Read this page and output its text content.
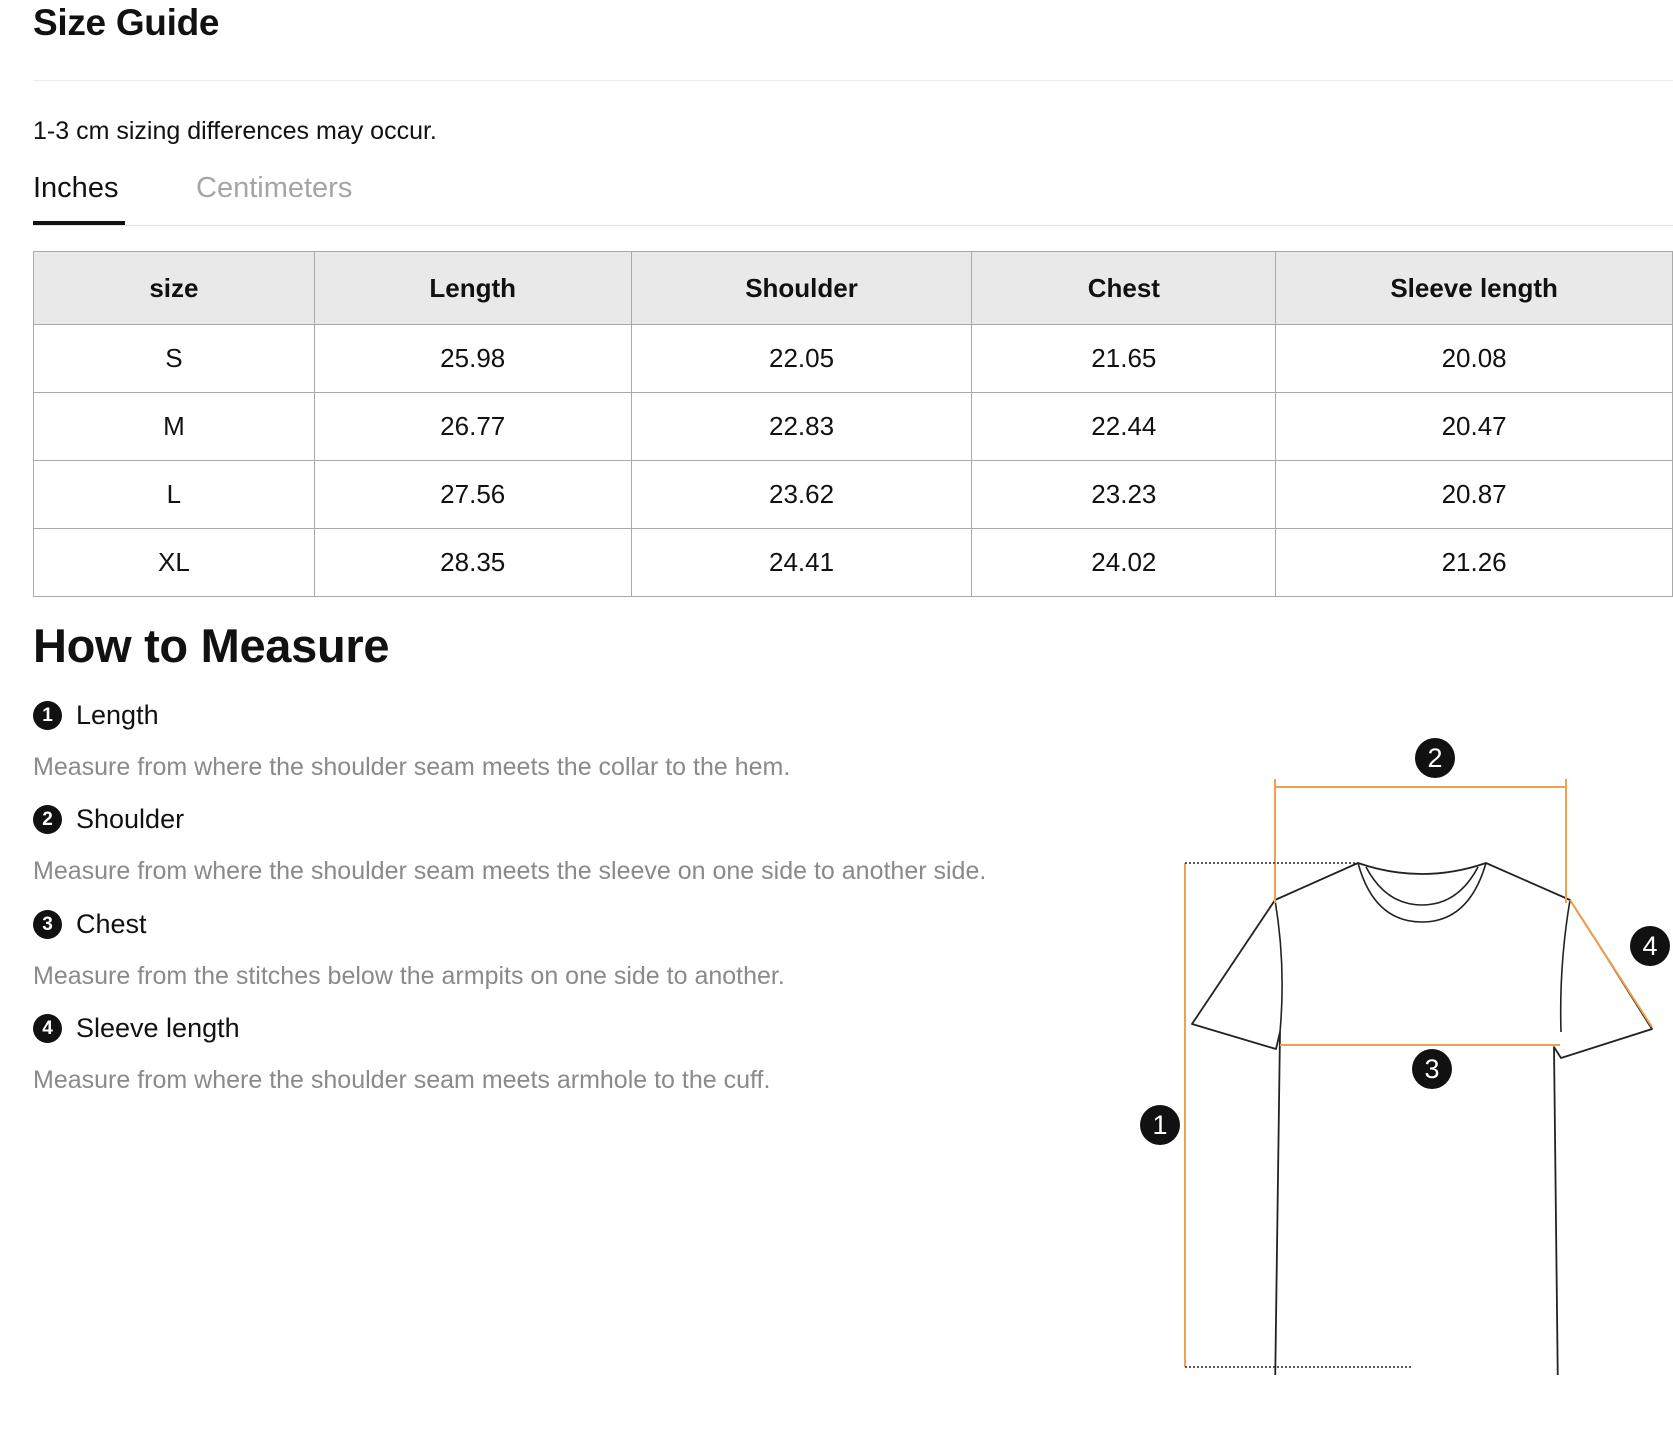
Size Guide
1-3 cm sizing differences may occur.
Inches	Centimeters
size	Length	Shoulder	Chest	Sleeve length
S	25.98	22.05	21.65	20.08
M	26.77	22.83	22.44	20.47
L	27.56	23.62	23.23	20.87
XL	28.35	24.41	24.02	21.26
How to Measure
1 Length
Measure from where the shoulder seam meets the collar to the hem.
2 Shoulder
Measure from where the shoulder seam meets the sleeve on one side to another side.
3 Chest
Measure from the stitches below the armpits on one side to another.
4 Sleeve length
Measure from where the shoulder seam meets armhole to the cuff.
2
4
3
1
